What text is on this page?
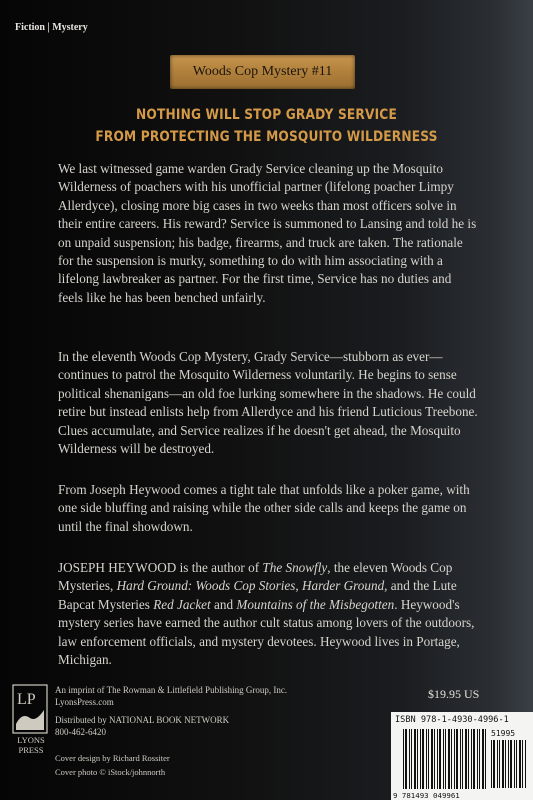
Fiction | Mystery
Woods Cop Mystery #11
NOTHING WILL STOP GRADY SERVICE
FROM PROTECTING THE MOSQUITO WILDERNESS

We last witnessed game warden Grady Service cleaning up the Mosquito Wilderness of poachers with his unofficial partner (lifelong poacher Limpy Allerdyce), closing more big cases in two weeks than most officers solve in their entire careers. His reward? Service is summoned to Lansing and told he is on unpaid suspension; his badge, firearms, and truck are taken. The rationale for the suspension is murky, something to do with him associating with a lifelong lawbreaker as partner. For the first time, Service has no duties and feels like he has been benched unfairly.

In the eleventh Woods Cop Mystery, Grady Service—stubborn as ever—continues to patrol the Mosquito Wilderness voluntarily. He begins to sense political shenanigans—an old foe lurking somewhere in the shadows. He could retire but instead enlists help from Allerdyce and his friend Luticious Treebone. Clues accumulate, and Service realizes if he doesn't get ahead, the Mosquito Wilderness will be destroyed.

From Joseph Heywood comes a tight tale that unfolds like a poker game, with one side bluffing and raising while the other side calls and keeps the game on until the final showdown.

JOSEPH HEYWOOD is the author of The Snowfly, the eleven Woods Cop Mysteries, Hard Ground: Woods Cop Stories, Harder Ground, and the Lute Bapcat Mysteries Red Jacket and Mountains of the Misbegotten. Heywood's mystery series have earned the author cult status among lovers of the outdoors, law enforcement officials, and mystery devotees. Heywood lives in Portage, Michigan.

LP
LYONS
PRESS

An imprint of The Rowman & Littlefield Publishing Group, Inc.

LyonsPress.com

Distributed by NATIONAL BOOK NETWORK

800-462-6420

Cover design by Richard Rossiter

Cover photo © iStock/johnnorth

$19.95 US
ISBN 978-1-4930-4996-1
51995
9 781493 049961
